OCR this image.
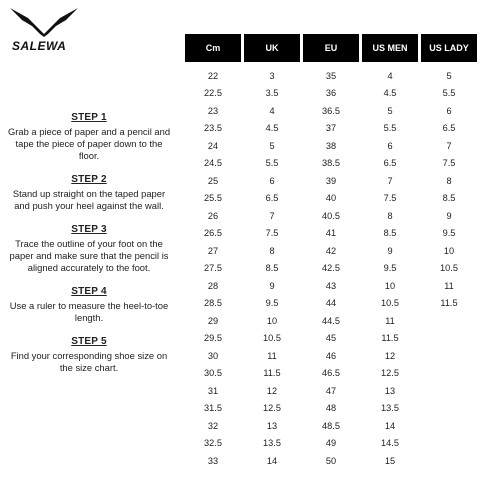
SALEWA
STEP 1
Grab a piece of paper and a pencil and tape the piece of paper down to the floor.
STEP 2
Stand up straight on the taped paper and push your heel against the wall.
STEP 3
Trace the outline of your foot on the paper and make sure that the pencil is aligned accurately to the foot.
STEP 4
Use a ruler to measure the heel-to-toe length.
STEP 5
Find your corresponding shoe size on the size chart.
Cm	UK	EU	US MEN	US LADY

22	3	35	4	5
22.5	3.5	36	4.5	5.5
23	4	36.5	5	6
23.5	4.5	37	5.5	6.5
24	5	38	6	7
24.5	5.5	38.5	6.5	7.5
25	6	39	7	8
25.5	6.5	40	7.5	8.5
26	7	40.5	8	9
26.5	7.5	41	8.5	9.5
27	8	42	9	10
27.5	8.5	42.5	9.5	10.5
28	9	43	10	11
28.5	9.5	44	10.5	11.5
29	10	44.5	11	
29.5	10.5	45	11.5	
30	11	46	12	
30.5	11.5	46.5	12.5	
31	12	47	13	
31.5	12.5	48	13.5	
32	13	48.5	14	
32.5	13.5	49	14.5	
33	14	50	15	
